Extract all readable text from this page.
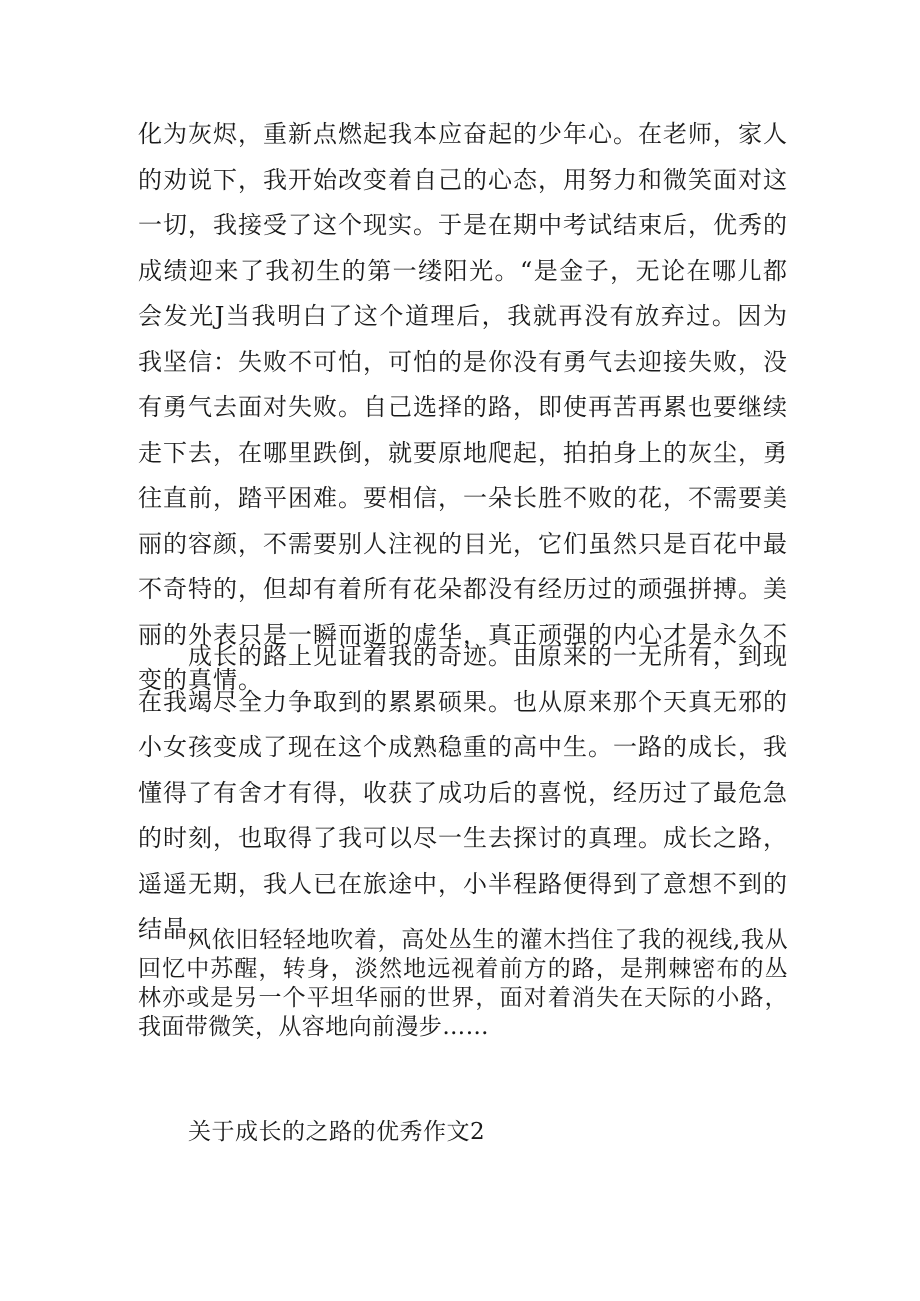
化为灰烬，重新点燃起我本应奋起的少年心。在老师，家人的劝说下，我开始改变着自己的心态，用努力和微笑面对这一切，我接受了这个现实。于是在期中考试结束后，优秀的成绩迎来了我初生的第一缕阳光。“是金子，无论在哪儿都会发光J当我明白了这个道理后，我就再没有放弃过。因为我坚信：失败不可怕，可怕的是你没有勇气去迎接失败，没有勇气去面对失败。自己选择的路，即使再苦再累也要继续走下去，在哪里跌倒，就要原地爬起，拍拍身上的灰尘，勇往直前，踏平困难。要相信，一朵长胜不败的花，不需要美丽的容颜，不需要别人注视的目光，它们虽然只是百花中最不奇特的，但却有着所有花朵都没有经历过的顽强拼搏。美丽的外表只是一瞬而逝的虚华，真正顽强的内心才是永久不变的真情。

成长的路上见证着我的奇迹。由原来的一无所有，到现在我竭尽全力争取到的累累硕果。也从原来那个天真无邪的小女孩变成了现在这个成熟稳重的高中生。一路的成长，我懂得了有舍才有得，收获了成功后的喜悦，经历过了最危急的时刻，也取得了我可以尽一生去探讨的真理。成长之路，遥遥无期，我人已在旅途中，小半程路便得到了意想不到的结晶。

风依旧轻轻地吹着，高处丛生的灌木挡住了我的视线,我从回忆中苏醒，转身，淡然地远视着前方的路，是荆棘密布的丛林亦或是另一个平坦华丽的世界，面对着消失在天际的小路，我面带微笑，从容地向前漫步……

关于成长的之路的优秀作文2
